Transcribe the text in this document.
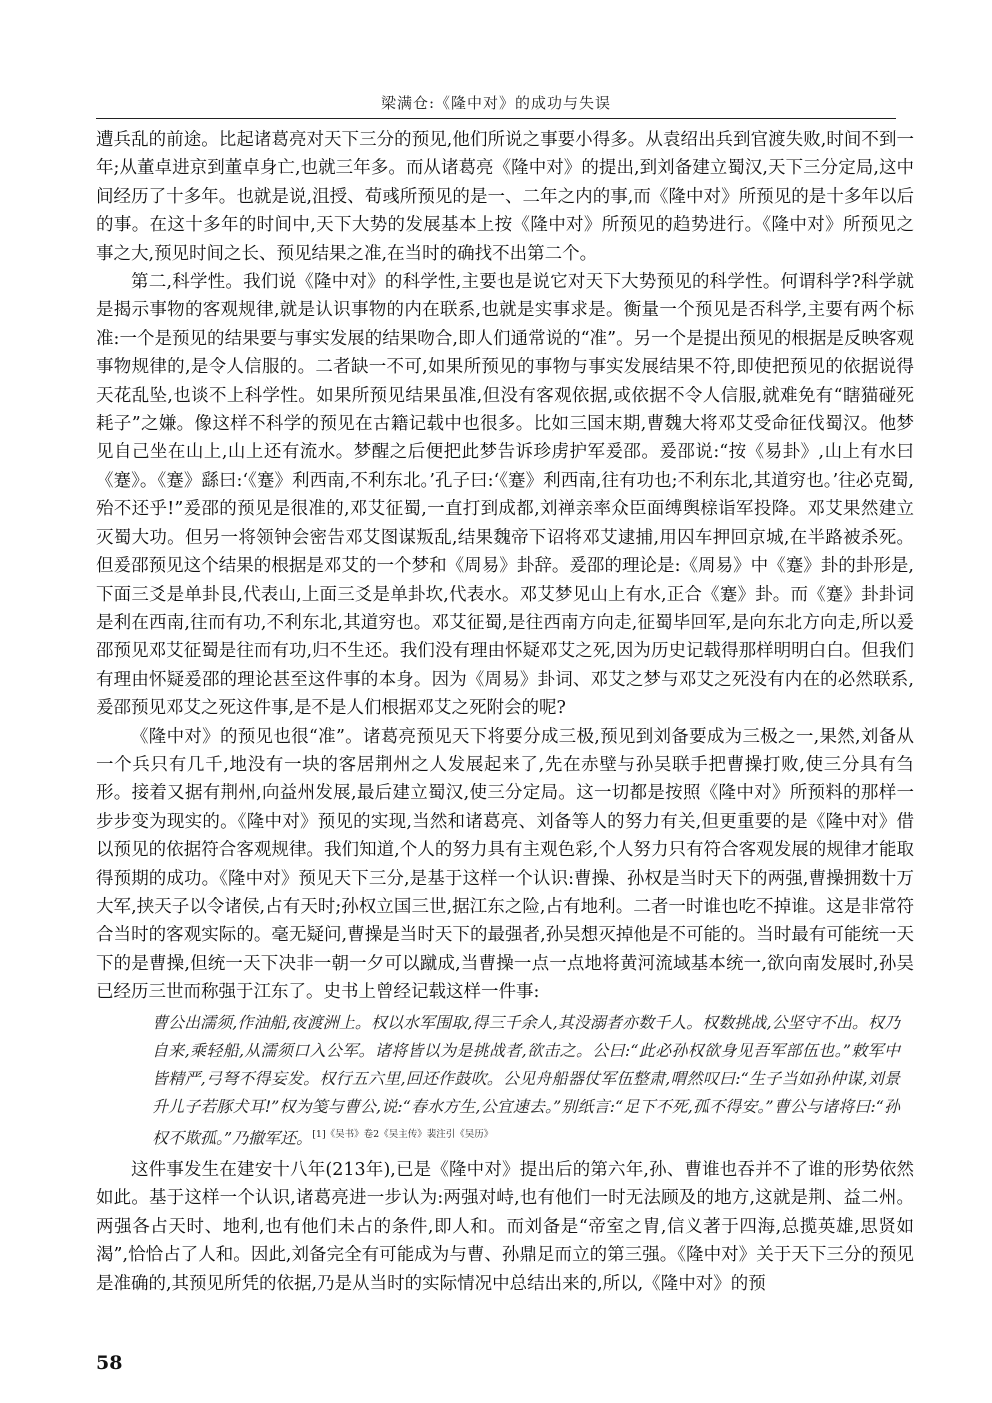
梁满仓:《隆中对》的成功与失误

遭兵乱的前途。比起诸葛亮对天下三分的预见,他们所说之事要小得多。从袁绍出兵到官渡失败,时间不到一年;从董卓进京到董卓身亡,也就三年多。而从诸葛亮《隆中对》的提出,到刘备建立蜀汉,天下三分定局,这中间经历了十多年。也就是说,沮授、荀彧所预见的是一、二年之内的事,而《隆中对》所预见的是十多年以后的事。在这十多年的时间中,天下大势的发展基本上按《隆中对》所预见的趋势进行。《隆中对》所预见之事之大,预见时间之长、预见结果之准,在当时的确找不出第二个。

第二,科学性。我们说《隆中对》的科学性,主要也是说它对天下大势预见的科学性。何谓科学?科学就是揭示事物的客观规律,就是认识事物的内在联系,也就是实事求是。衡量一个预见是否科学,主要有两个标准:一个是预见的结果要与事实发展的结果吻合,即人们通常说的“准”。另一个是提出预见的根据是反映客观事物规律的,是令人信服的。二者缺一不可,如果所预见的事物与事实发展结果不符,即使把预见的依据说得天花乱坠,也谈不上科学性。如果所预见结果虽准,但没有客观依据,或依据不令人信服,就难免有“瞎猫碰死耗子”之嫌。像这样不科学的预见在古籍记载中也很多。比如三国末期,曹魏大将邓艾受命征伐蜀汉。他梦见自己坐在山上,山上还有流水。梦醒之后便把此梦告诉珍虏护军爰邵。爰邵说:“按《易卦》,山上有水曰《蹇》。《蹇》繇曰:‘《蹇》利西南,不利东北。’孔子曰:‘《蹇》利西南,往有功也;不利东北,其道穷也。’往必克蜀,殆不还乎!”爰邵的预见是很准的,邓艾征蜀,一直打到成都,刘禅亲率众臣面缚舆榇诣军投降。邓艾果然建立灭蜀大功。但另一将领钟会密告邓艾图谋叛乱,结果魏帝下诏将邓艾逮捕,用囚车押回京城,在半路被杀死。但爰邵预见这个结果的根据是邓艾的一个梦和《周易》卦辞。爰邵的理论是:《周易》中《蹇》卦的卦形是,下面三爻是单卦艮,代表山,上面三爻是单卦坎,代表水。邓艾梦见山上有水,正合《蹇》卦。而《蹇》卦卦词是利在西南,往而有功,不利东北,其道穷也。邓艾征蜀,是往西南方向走,征蜀毕回军,是向东北方向走,所以爰邵预见邓艾征蜀是往而有功,归不生还。我们没有理由怀疑邓艾之死,因为历史记载得那样明明白白。但我们有理由怀疑爰邵的理论甚至这件事的本身。因为《周易》卦词、邓艾之梦与邓艾之死没有内在的必然联系,爰邵预见邓艾之死这件事,是不是人们根据邓艾之死附会的呢?

《隆中对》的预见也很“准”。诸葛亮预见天下将要分成三极,预见到刘备要成为三极之一,果然,刘备从一个兵只有几千,地没有一块的客居荆州之人发展起来了,先在赤壁与孙吴联手把曹操打败,使三分具有刍形。接着又据有荆州,向益州发展,最后建立蜀汉,使三分定局。这一切都是按照《隆中对》所预料的那样一步步变为现实的。《隆中对》预见的实现,当然和诸葛亮、刘备等人的努力有关,但更重要的是《隆中对》借以预见的依据符合客观规律。我们知道,个人的努力具有主观色彩,个人努力只有符合客观发展的规律才能取得预期的成功。《隆中对》预见天下三分,是基于这样一个认识:曹操、孙权是当时天下的两强,曹操拥数十万大军,挟天子以令诸侯,占有天时;孙权立国三世,据江东之险,占有地利。二者一时谁也吃不掉谁。这是非常符合当时的客观实际的。毫无疑问,曹操是当时天下的最强者,孙吴想灭掉他是不可能的。当时最有可能统一天下的是曹操,但统一天下决非一朝一夕可以蹴成,当曹操一点一点地将黄河流域基本统一,欲向南发展时,孙吴已经历三世而称强于江东了。史书上曾经记载这样一件事:

曹公出濡须,作油船,夜渡洲上。权以水军围取,得三千余人,其没溺者亦数千人。权数挑战,公坚守不出。权乃自来,乘轻船,从濡须口入公军。诸将皆以为是挑战者,欲击之。公曰:“此必孙权欲身见吾军部伍也。”敕军中皆精严,弓弩不得妄发。权行五六里,回还作鼓吹。公见舟船器仗军伍整肃,喟然叹曰:“生子当如孙仲谋,刘景升儿子若豚犬耳!”权为笺与曹公,说:“春水方生,公宜速去。”别纸言:“足下不死,孤不得安。”曹公与诸将曰:“孙权不欺孤。”乃撤军还。$^{[1]《吴书》卷2《吴主传》裴注引《吴历》}$

这件事发生在建安十八年(213年),已是《隆中对》提出后的第六年,孙、曹谁也吞并不了谁的形势依然如此。基于这样一个认识,诸葛亮进一步认为:两强对峙,也有他们一时无法顾及的地方,这就是荆、益二州。两强各占天时、地利,也有他们未占的条件,即人和。而刘备是“帝室之胄,信义著于四海,总揽英雄,思贤如渴”,恰恰占了人和。因此,刘备完全有可能成为与曹、孙鼎足而立的第三强。《隆中对》关于天下三分的预见是准确的,其预见所凭的依据,乃是从当时的实际情况中总结出来的,所以,《隆中对》的预

58
